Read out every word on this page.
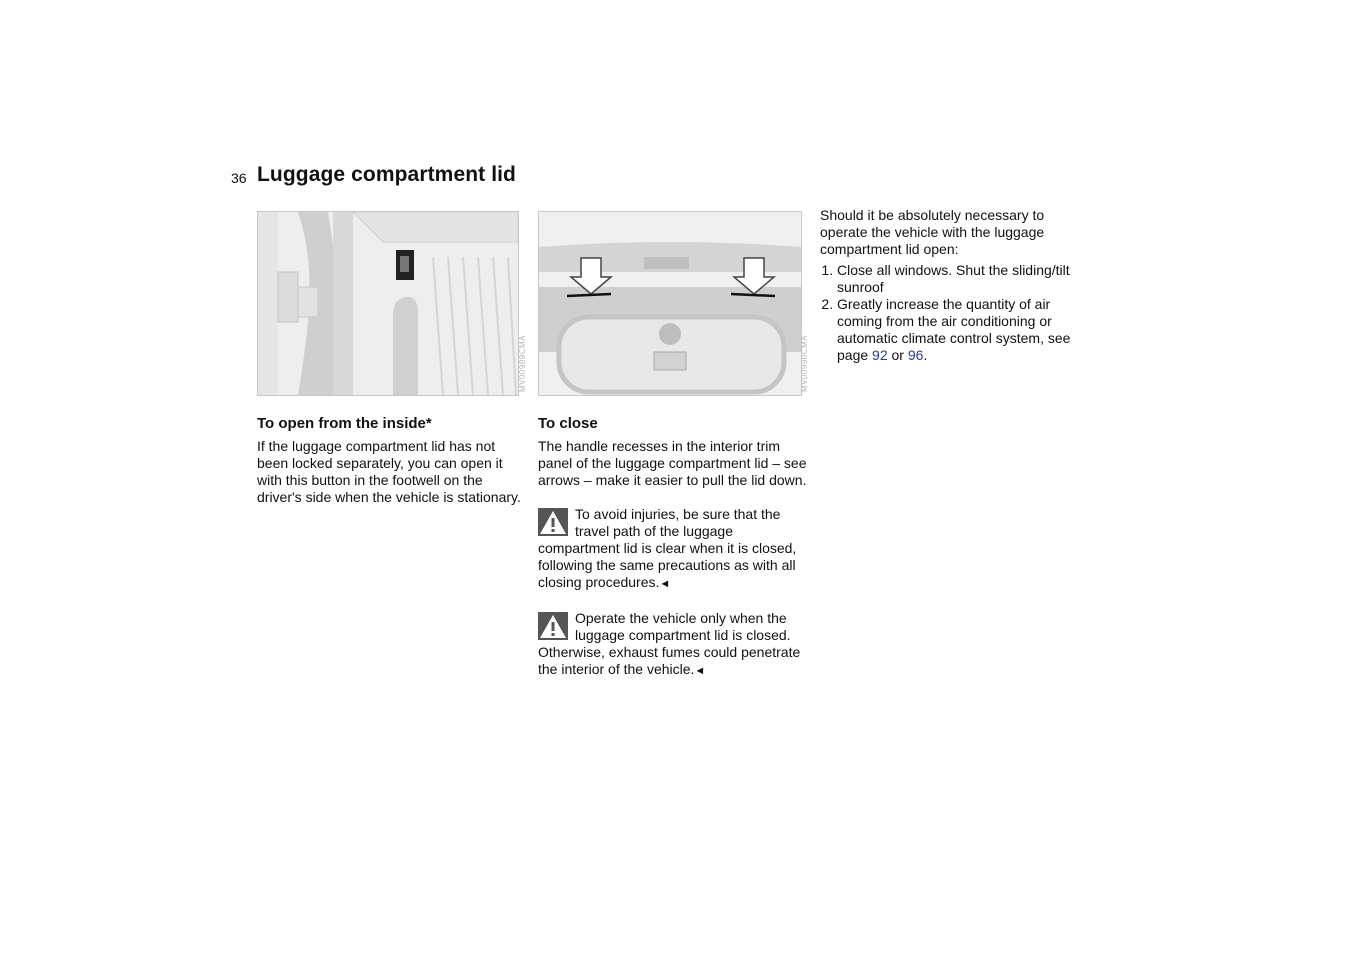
36 Luggage compartment lid
MV00989CMA	MV00990CMA
To open from the inside*

If the luggage compartment lid has not been locked separately, you can open it with this button in the footwell on the driver's side when the vehicle is stationary.

To close

The handle recesses in the interior trim panel of the luggage compartment lid – see arrows – make it easier to pull the lid down.

To avoid injuries, be sure that the travel path of the luggage compartment lid is clear when it is closed, following the same precautions as with all closing procedures.◄

Operate the vehicle only when the luggage compartment lid is closed. Otherwise, exhaust fumes could penetrate the interior of the vehicle.◄

Should it be absolutely necessary to operate the vehicle with the luggage compartment lid open:

1. Close all windows. Shut the sliding/tilt sunroof
2. Greatly increase the quantity of air coming from the air conditioning or automatic climate control system, see page 92 or 96.
